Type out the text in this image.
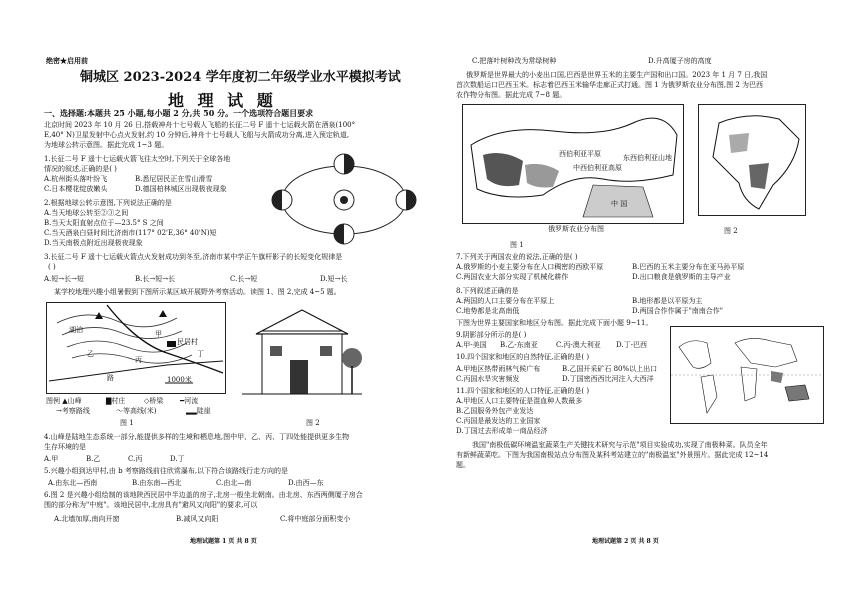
绝密★启用前
铜城区 2023-2024 学年度初二年级学业水平模拟考试
地 理 试 题
一、选择题:本题共 25 小题,每小题 2 分,共 50 分。一个选项符合题目要求
北京时间 2023 年 10 月 26 日,搭载神舟十七号载人飞船的长征二号 F 遥十七运载火箭在酒泉(100°
E,40° N)卫星发射中心点火发射,约 10 分钟后,神舟十七号载人飞船与火箭成功分离,进入预定轨道,
为地球公转示意图。据此完成 1~3 题。
1.长征二号 F 遥十七运载火箭飞往太空时,下列关于全球各地
情况的叙述,正确的是( )
A.杭州街头落叶纷飞	B.悉尼居民正在雪山滑雪
C.日本樱花绽放嫩头	D.德国柏林城区出现极夜现象
2.根据地球公转示意图,下列说法正确的是
A.当天地球公转至②③之间
B.当天太阳直射点位于—23.5° S 之间
C.当天酒泉白昼时间比济南市(117° 02'E,36° 40'N)短
D.当天南极点附近出现极夜现象
3.长征二号 F 遥十七运载火箭点火发射成功到冬至,济南市某中学正午旗杆影子的长短变化规律是
( )
A.短→长→短	B.长→短→长	C.长→短	D.短→长
某学校地理兴趣小组暑假到下图所示某区域开展野外考察活动。读图 1、图 2,完成 4~5 题。
湖泊
民居村
路
甲
乙
丙
丁
1000米
图例 ▲山峰	▇村庄	◇桥梁 ━河流
→考察路线	～等高线(米)	▂▂陡崖
图 1	图 2
4.山峰是陆地生态系统一部分,能提供多样的生境和栖息地,图中甲、乙、丙、丁四处能提供更多生物
生存环境的是
A.甲	B.乙	C.丙	D.丁
5.兴趣小组到达甲村,由 b 考察路线前往欣赏瀑布,以下符合该路线行走方向的是
A.由东北—西南	B.由东南—西北	C.由北—南	D.由西—东
6.图 2 是兴趣小组绘制的该地陕西民居中半边盖的房子,北房一般坐北朝南。由北房、东西两侧厦子房合
围的部分称为"中庭"。该地民居中,北房具有"避风又向阳"的要求,可以
A.北墙加厚,南向开窗	B.减风又向阳	C.将中庭部分面积变小
地理试题第 1 页 共 8 页
C.把落叶树种改为常绿树种	D.升高厦子房的高度
俄罗斯是世界最大的小麦出口国,巴西是世界玉米的主要生产国和出口国。2023 年 1 月 7 日,我国
首次数船运口巴西玉米。标志着巴西玉米输华走廊正式打通。图 1 为俄罗斯农业分布图,图 2 为巴西
农作物分布图。据此完成 7~8 题。
西伯利亚平原
中西伯利亚高原
东西伯利亚山地
中 国
俄罗斯农业分布图
图 1
图 2
7.下列关于两国农业的说法,正确的是( )
A.俄罗斯的小麦主要分布在人口稠密的西欧平原	B.巴西的玉米主要分布在亚马孙平原
C.两国农业大部分实现了机械化耕作	D.出口粮食是俄罗斯的主导产业
8.下列叙述正确的是
A.两国的人口主要分布在平原上	B.地形都是以平原为主
C.地势都是北高南低	D.两国合作作属于"南南合作"
下图为世界主要国家和地区分布图。据此完成下面小题 9~11。
9.阴影部分所示的是( )
A.甲-美国 B.乙-东南亚	C.丙-澳大利亚 D.丁-巴西
10.四个国家和地区的自然特征,正确的是( )
A.甲地区热带雨林气候广布	B.乙国开采矿石 80%以上出口
C.丙国水旱灾害频发	D.丁国密西西比河注入大西洋
11.四个国家和地区的人口特征,正确的是( )
A.甲地区人口主要特征是混血种人数最多
B.乙国服务外包产业发达
C.丙国是最发达的工业国家
D.丁国过去形成单一商品经济
我国"南极低碳环境温室蔬菜生产关键技术研究与示范"项目实验成功,实现了南极种菜。队员全年
有新鲜蔬菜吃。下图为我国南极站点分布图及某科考站建立的"南极温室"外景照片。据此完成 12~14
题。
地理试题第 2 页 共 8 页
